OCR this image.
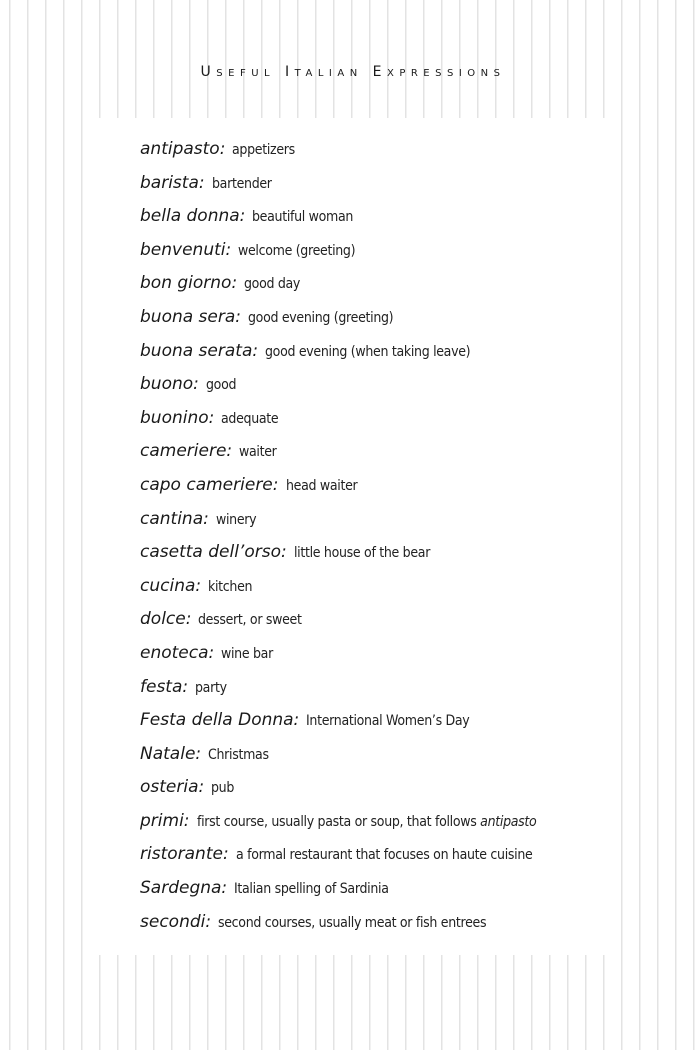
Useful Italian Expressions
antipasto: appetizers
barista: bartender
bella donna: beautiful woman
benvenuti: welcome (greeting)
bon giorno: good day
buona sera: good evening (greeting)
buona serata: good evening (when taking leave)
buono: good
buonino: adequate
cameriere: waiter
capo cameriere: head waiter
cantina: winery
casetta dell’orso: little house of the bear
cucina: kitchen
dolce: dessert, or sweet
enoteca: wine bar
festa: party
Festa della Donna: International Women’s Day
Natale: Christmas
osteria: pub
primi: first course, usually pasta or soup, that follows antipasto
ristorante: a formal restaurant that focuses on haute cuisine
Sardegna: Italian spelling of Sardinia
secondi: second courses, usually meat or fish entrees
